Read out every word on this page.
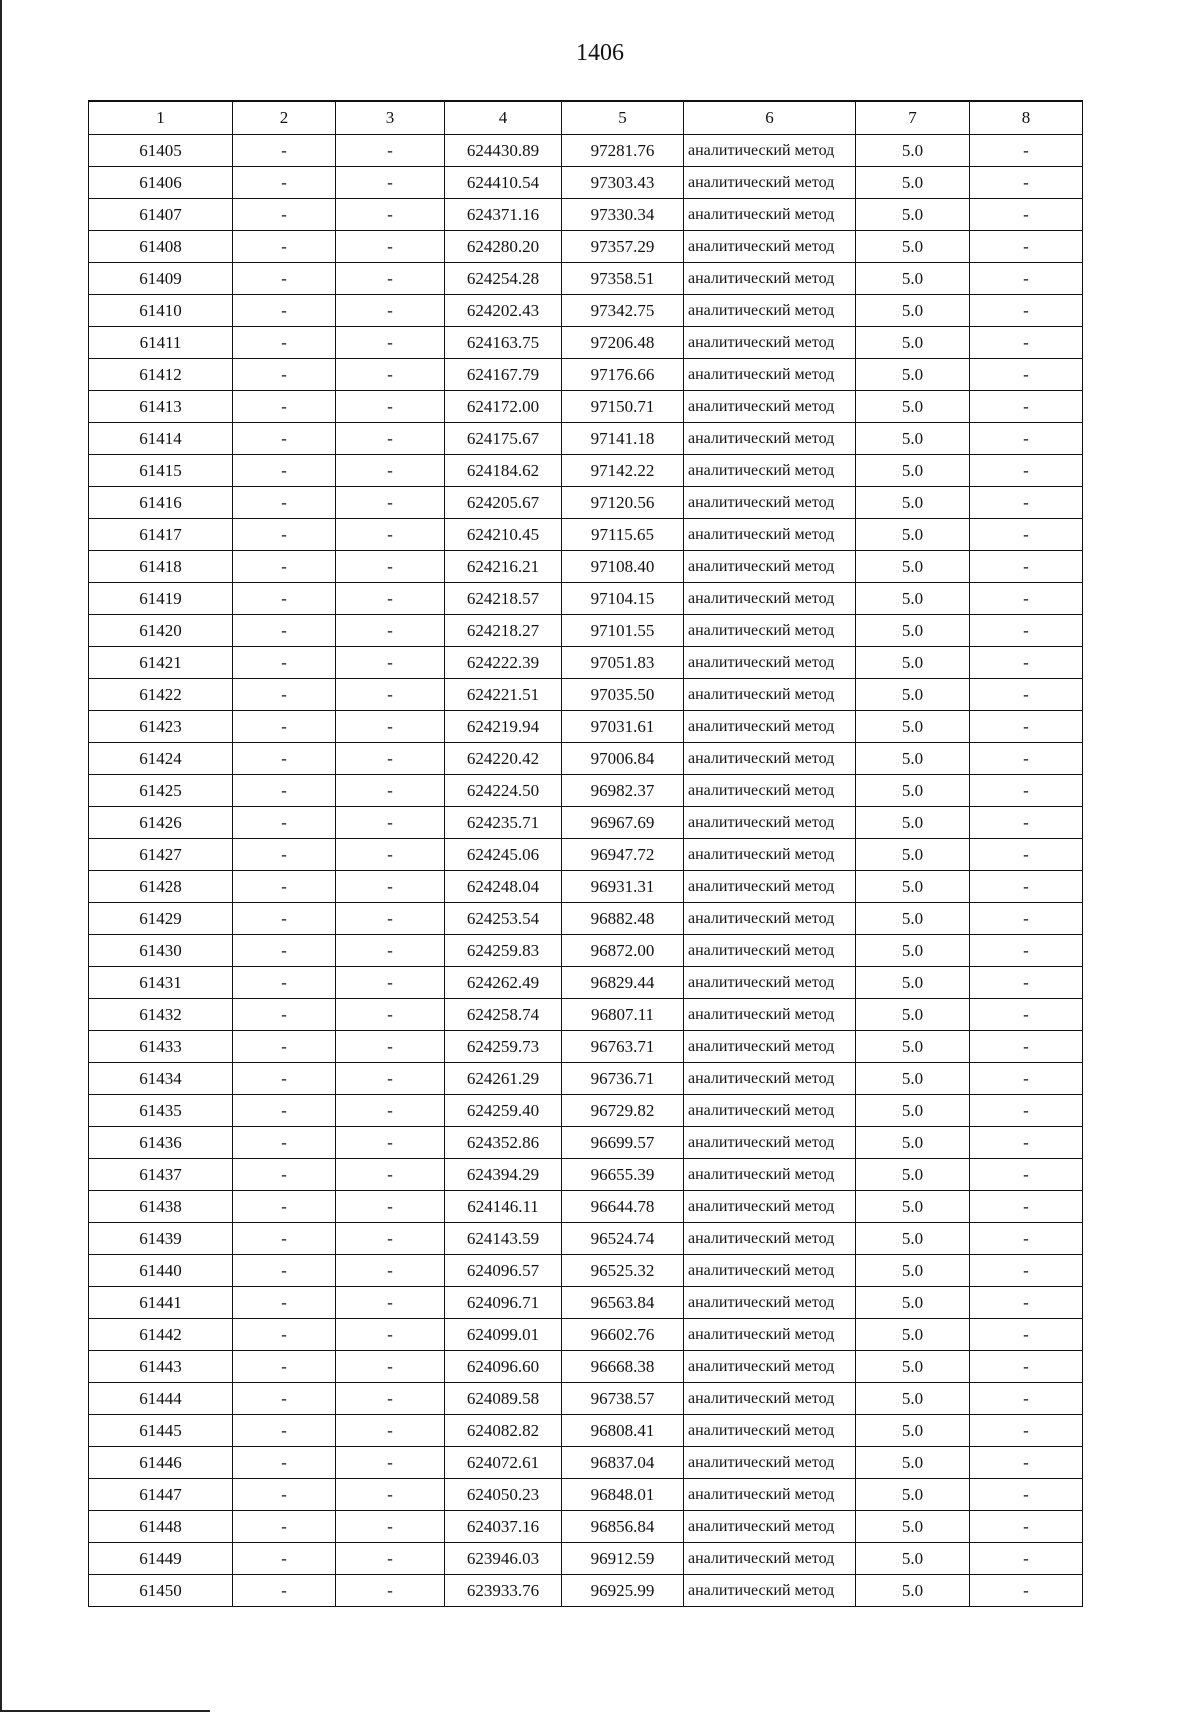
1406
1	2	3	4	5	6	7	8
61405	-	-	624430.89	97281.76	аналитический метод	5.0	-
61406	-	-	624410.54	97303.43	аналитический метод	5.0	-
61407	-	-	624371.16	97330.34	аналитический метод	5.0	-
61408	-	-	624280.20	97357.29	аналитический метод	5.0	-
61409	-	-	624254.28	97358.51	аналитический метод	5.0	-
61410	-	-	624202.43	97342.75	аналитический метод	5.0	-
61411	-	-	624163.75	97206.48	аналитический метод	5.0	-
61412	-	-	624167.79	97176.66	аналитический метод	5.0	-
61413	-	-	624172.00	97150.71	аналитический метод	5.0	-
61414	-	-	624175.67	97141.18	аналитический метод	5.0	-
61415	-	-	624184.62	97142.22	аналитический метод	5.0	-
61416	-	-	624205.67	97120.56	аналитический метод	5.0	-
61417	-	-	624210.45	97115.65	аналитический метод	5.0	-
61418	-	-	624216.21	97108.40	аналитический метод	5.0	-
61419	-	-	624218.57	97104.15	аналитический метод	5.0	-
61420	-	-	624218.27	97101.55	аналитический метод	5.0	-
61421	-	-	624222.39	97051.83	аналитический метод	5.0	-
61422	-	-	624221.51	97035.50	аналитический метод	5.0	-
61423	-	-	624219.94	97031.61	аналитический метод	5.0	-
61424	-	-	624220.42	97006.84	аналитический метод	5.0	-
61425	-	-	624224.50	96982.37	аналитический метод	5.0	-
61426	-	-	624235.71	96967.69	аналитический метод	5.0	-
61427	-	-	624245.06	96947.72	аналитический метод	5.0	-
61428	-	-	624248.04	96931.31	аналитический метод	5.0	-
61429	-	-	624253.54	96882.48	аналитический метод	5.0	-
61430	-	-	624259.83	96872.00	аналитический метод	5.0	-
61431	-	-	624262.49	96829.44	аналитический метод	5.0	-
61432	-	-	624258.74	96807.11	аналитический метод	5.0	-
61433	-	-	624259.73	96763.71	аналитический метод	5.0	-
61434	-	-	624261.29	96736.71	аналитический метод	5.0	-
61435	-	-	624259.40	96729.82	аналитический метод	5.0	-
61436	-	-	624352.86	96699.57	аналитический метод	5.0	-
61437	-	-	624394.29	96655.39	аналитический метод	5.0	-
61438	-	-	624146.11	96644.78	аналитический метод	5.0	-
61439	-	-	624143.59	96524.74	аналитический метод	5.0	-
61440	-	-	624096.57	96525.32	аналитический метод	5.0	-
61441	-	-	624096.71	96563.84	аналитический метод	5.0	-
61442	-	-	624099.01	96602.76	аналитический метод	5.0	-
61443	-	-	624096.60	96668.38	аналитический метод	5.0	-
61444	-	-	624089.58	96738.57	аналитический метод	5.0	-
61445	-	-	624082.82	96808.41	аналитический метод	5.0	-
61446	-	-	624072.61	96837.04	аналитический метод	5.0	-
61447	-	-	624050.23	96848.01	аналитический метод	5.0	-
61448	-	-	624037.16	96856.84	аналитический метод	5.0	-
61449	-	-	623946.03	96912.59	аналитический метод	5.0	-
61450	-	-	623933.76	96925.99	аналитический метод	5.0	-
